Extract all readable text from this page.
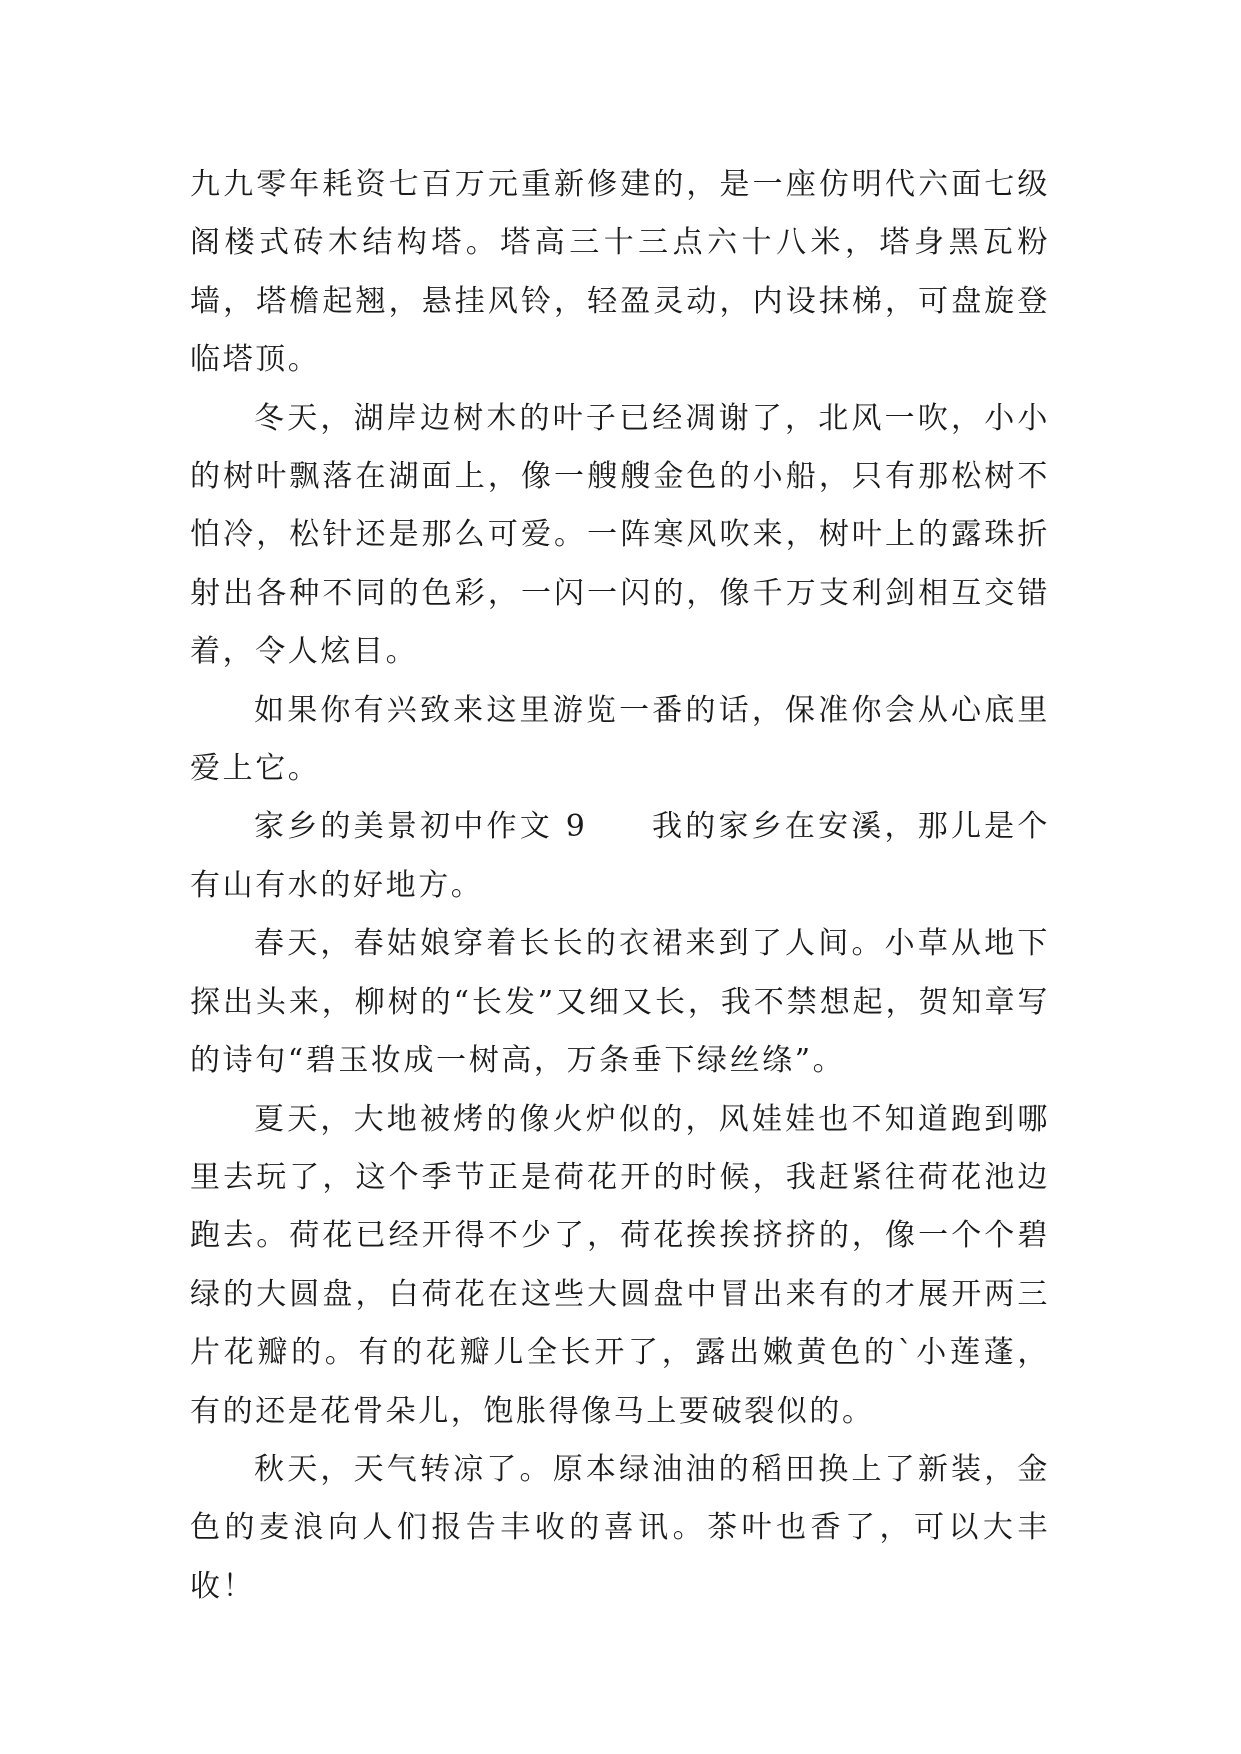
九九零年耗资七百万元重新修建的，是一座仿明代六面七级阁楼式砖木结构塔。塔高三十三点六十八米，塔身黑瓦粉墙，塔檐起翘，悬挂风铃，轻盈灵动，内设抹梯，可盘旋登临塔顶。

冬天，湖岸边树木的叶子已经凋谢了，北风一吹，小小的树叶飘落在湖面上，像一艘艘金色的小船，只有那松树不怕冷，松针还是那么可爱。一阵寒风吹来，树叶上的露珠折射出各种不同的色彩，一闪一闪的，像千万支利剑相互交错着，令人炫目。

如果你有兴致来这里游览一番的话，保准你会从心底里爱上它。

家乡的美景初中作文 9 我的家乡在安溪，那儿是个有山有水的好地方。

春天，春姑娘穿着长长的衣裙来到了人间。小草从地下探出头来，柳树的“长发”又细又长，我不禁想起，贺知章写的诗句“碧玉妆成一树高，万条垂下绿丝绦”。

夏天，大地被烤的像火炉似的，风娃娃也不知道跑到哪里去玩了，这个季节正是荷花开的时候，我赶紧往荷花池边跑去。荷花已经开得不少了，荷花挨挨挤挤的，像一个个碧绿的大圆盘，白荷花在这些大圆盘中冒出来有的才展开两三片花瓣的。有的花瓣儿全长开了，露出嫩黄色的`小莲蓬，有的还是花骨朵儿，饱胀得像马上要破裂似的。

秋天，天气转凉了。原本绿油油的稻田换上了新装，金色的麦浪向人们报告丰收的喜讯。茶叶也香了，可以大丰收！
